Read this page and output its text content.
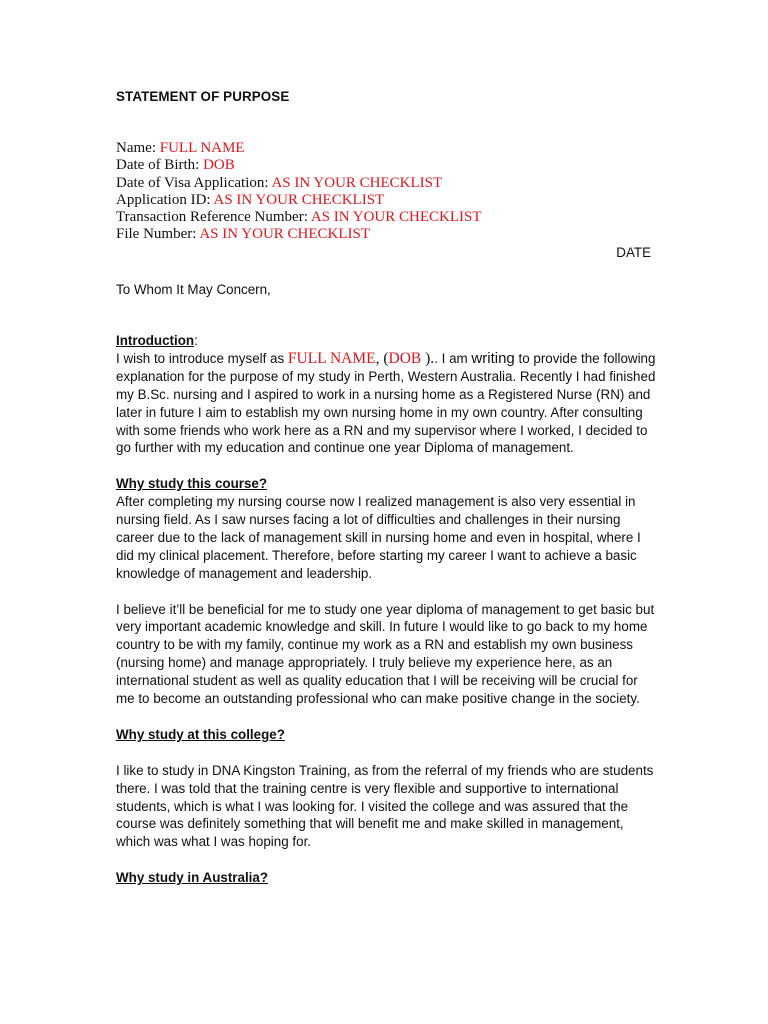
STATEMENT OF PURPOSE
Name: FULL NAME
Date of Birth: DOB
Date of Visa Application: AS IN YOUR CHECKLIST
Application ID: AS IN YOUR CHECKLIST
Transaction Reference Number: AS IN YOUR CHECKLIST
File Number: AS IN YOUR CHECKLIST
DATE
To Whom It May Concern,
Introduction:

I wish to introduce myself as FULL NAME, (DOB ).. I am writing to provide the following explanation for the purpose of my study in Perth, Western Australia. Recently I had finished my B.Sc. nursing and I aspired to work in a nursing home as a Registered Nurse (RN) and later in future I aim to establish my own nursing home in my own country. After consulting with some friends who work here as a RN and my supervisor where I worked, I decided to go further with my education and continue one year Diploma of management.

Why study this course?

After completing my nursing course now I realized management is also very essential in nursing field. As I saw nurses facing a lot of difficulties and challenges in their nursing career due to the lack of management skill in nursing home and even in hospital, where I did my clinical placement. Therefore, before starting my career I want to achieve a basic knowledge of management and leadership.

I believe it’ll be beneficial for me to study one year diploma of management to get basic but very important academic knowledge and skill. In future I would like to go back to my home country to be with my family, continue my work as a RN and establish my own business (nursing home) and manage appropriately. I truly believe my experience here, as an international student as well as quality education that I will be receiving will be crucial for me to become an outstanding professional who can make positive change in the society.

Why study at this college?

I like to study in DNA Kingston Training, as from the referral of my friends who are students there. I was told that the training centre is very flexible and supportive to international students, which is what I was looking for. I visited the college and was assured that the course was definitely something that will benefit me and make skilled in management, which was what I was hoping for.

Why study in Australia?
